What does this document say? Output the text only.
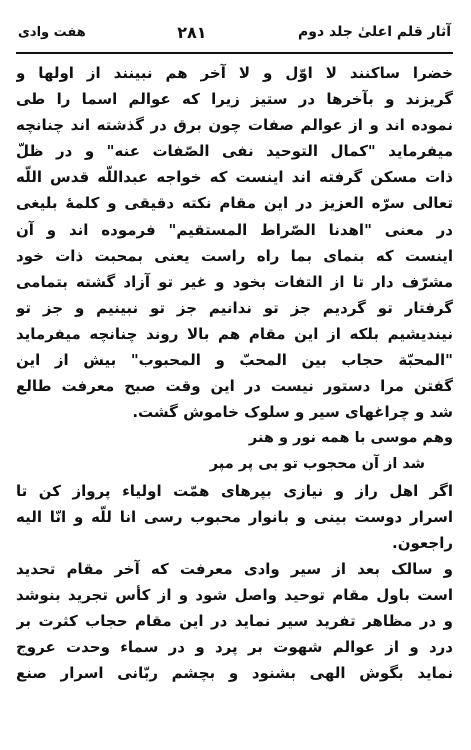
هفت وادی	۲۸۱	آثار قلم اعلیٰ جلد دوم
خضرا ساکنند لا اوّل و لا آخر هم نبینند از اولها و
گریزند و بآخرها در ستیز زیرا که عوالم اسما را طی
نموده اند و از عوالم صفات چون برق در گذشته اند چنانچه
میفرماید "کمال التوحید نفی الصّفات عنه" و در ظلّ
ذات مسکن گرفته اند اینست که خواجه عبداللّه قدس اللّه
تعالی سرّه العزیز در این مقام نکته دقیقی و کلمهٔ بلیغی
در معنی "اهدنا الصّراط المستقیم" فرموده اند و آن
اینست که بنمای بما راه راست یعنی بمحبت ذات خود
مشرّف دار تا از التفات بخود و غیر تو آزاد گشته بتمامی
گرفتار تو گردیم جز تو ندانیم جز تو نبینیم و جز تو
نیندیشیم بلکه از این مقام هم بالا روند چنانچه میفرماید
"المحبّة حجاب بین المحبّ و المحبوب" بیش از این
گفتن مرا دستور نیست در این وقت صبح معرفت طالع
شد و چراغهای سیر و سلوک خاموش گشت.
وهم موسی با همه نور و هنر
شد از آن محجوب تو بی پر مپر
اگر اهل راز و نیازی بپرهای همّت اولیاء پرواز کن تا
اسرار دوست بینی و بانوار محبوب رسی انا للّه و انّا الیه
راجعون.
و سالک بعد از سیر وادی معرفت که آخر مقام تحدید
است باول مقام توحید واصل شود و از کأس تجرید بنوشد
و در مظاهر تفرید سیر نماید در این مقام حجاب کثرت بر
درد و از عوالم شهوت بر پرد و در سماء وحدت عروج
نماید بگوش الهی بشنود و بچشم ربّانی اسرار صنع
